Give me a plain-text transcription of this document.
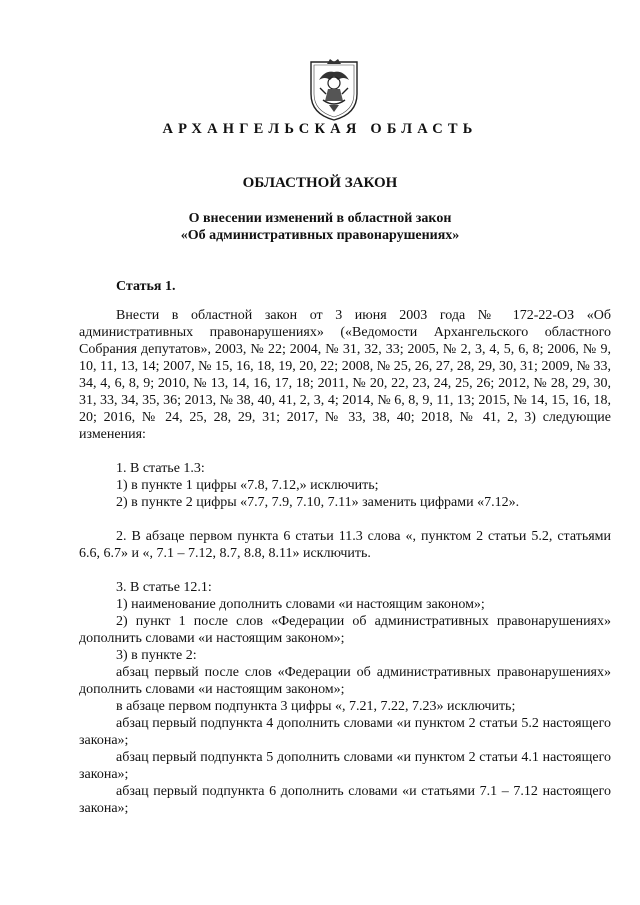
АРХАНГЕЛЬСКАЯ ОБЛАСТЬ
ОБЛАСТНОЙ ЗАКОН
О внесении изменений в областной закон
«Об административных правонарушениях»
Статья 1.

Внести в областной закон от 3 июня 2003 года № 172-22-ОЗ «Об административных правонарушениях» («Ведомости Архангельского областного Собрания депутатов», 2003, № 22; 2004, № 31, 32, 33; 2005, № 2, 3, 4, 5, 6, 8; 2006, № 9, 10, 11, 13, 14; 2007, № 15, 16, 18, 19, 20, 22; 2008, № 25, 26, 27, 28, 29, 30, 31; 2009, № 33, 34, 4, 6, 8, 9; 2010, № 13, 14, 16, 17, 18; 2011, № 20, 22, 23, 24, 25, 26; 2012, № 28, 29, 30, 31, 33, 34, 35, 36; 2013, № 38, 40, 41, 2, 3, 4; 2014, № 6, 8, 9, 11, 13; 2015, № 14, 15, 16, 18, 20; 2016, № 24, 25, 28, 29, 31; 2017, № 33, 38, 40; 2018, № 41, 2, 3) следующие изменения:

1. В статье 1.3:

1) в пункте 1 цифры «7.8, 7.12,» исключить;

2) в пункте 2 цифры «7.7, 7.9, 7.10, 7.11» заменить цифрами «7.12».

2. В абзаце первом пункта 6 статьи 11.3 слова «, пунктом 2 статьи 5.2, статьями 6.6, 6.7» и «, 7.1 – 7.12, 8.7, 8.8, 8.11» исключить.

3. В статье 12.1:

1) наименование дополнить словами «и настоящим законом»;

2) пункт 1 после слов «Федерации об административных правонарушениях» дополнить словами «и настоящим законом»;

3) в пункте 2:

абзац первый после слов «Федерации об административных правонарушениях» дополнить словами «и настоящим законом»;

в абзаце первом подпункта 3 цифры «, 7.21, 7.22, 7.23» исключить;

абзац первый подпункта 4 дополнить словами «и пунктом 2 статьи 5.2 настоящего закона»;

абзац первый подпункта 5 дополнить словами «и пунктом 2 статьи 4.1 настоящего закона»;

абзац первый подпункта 6 дополнить словами «и статьями 7.1 – 7.12 настоящего закона»;
